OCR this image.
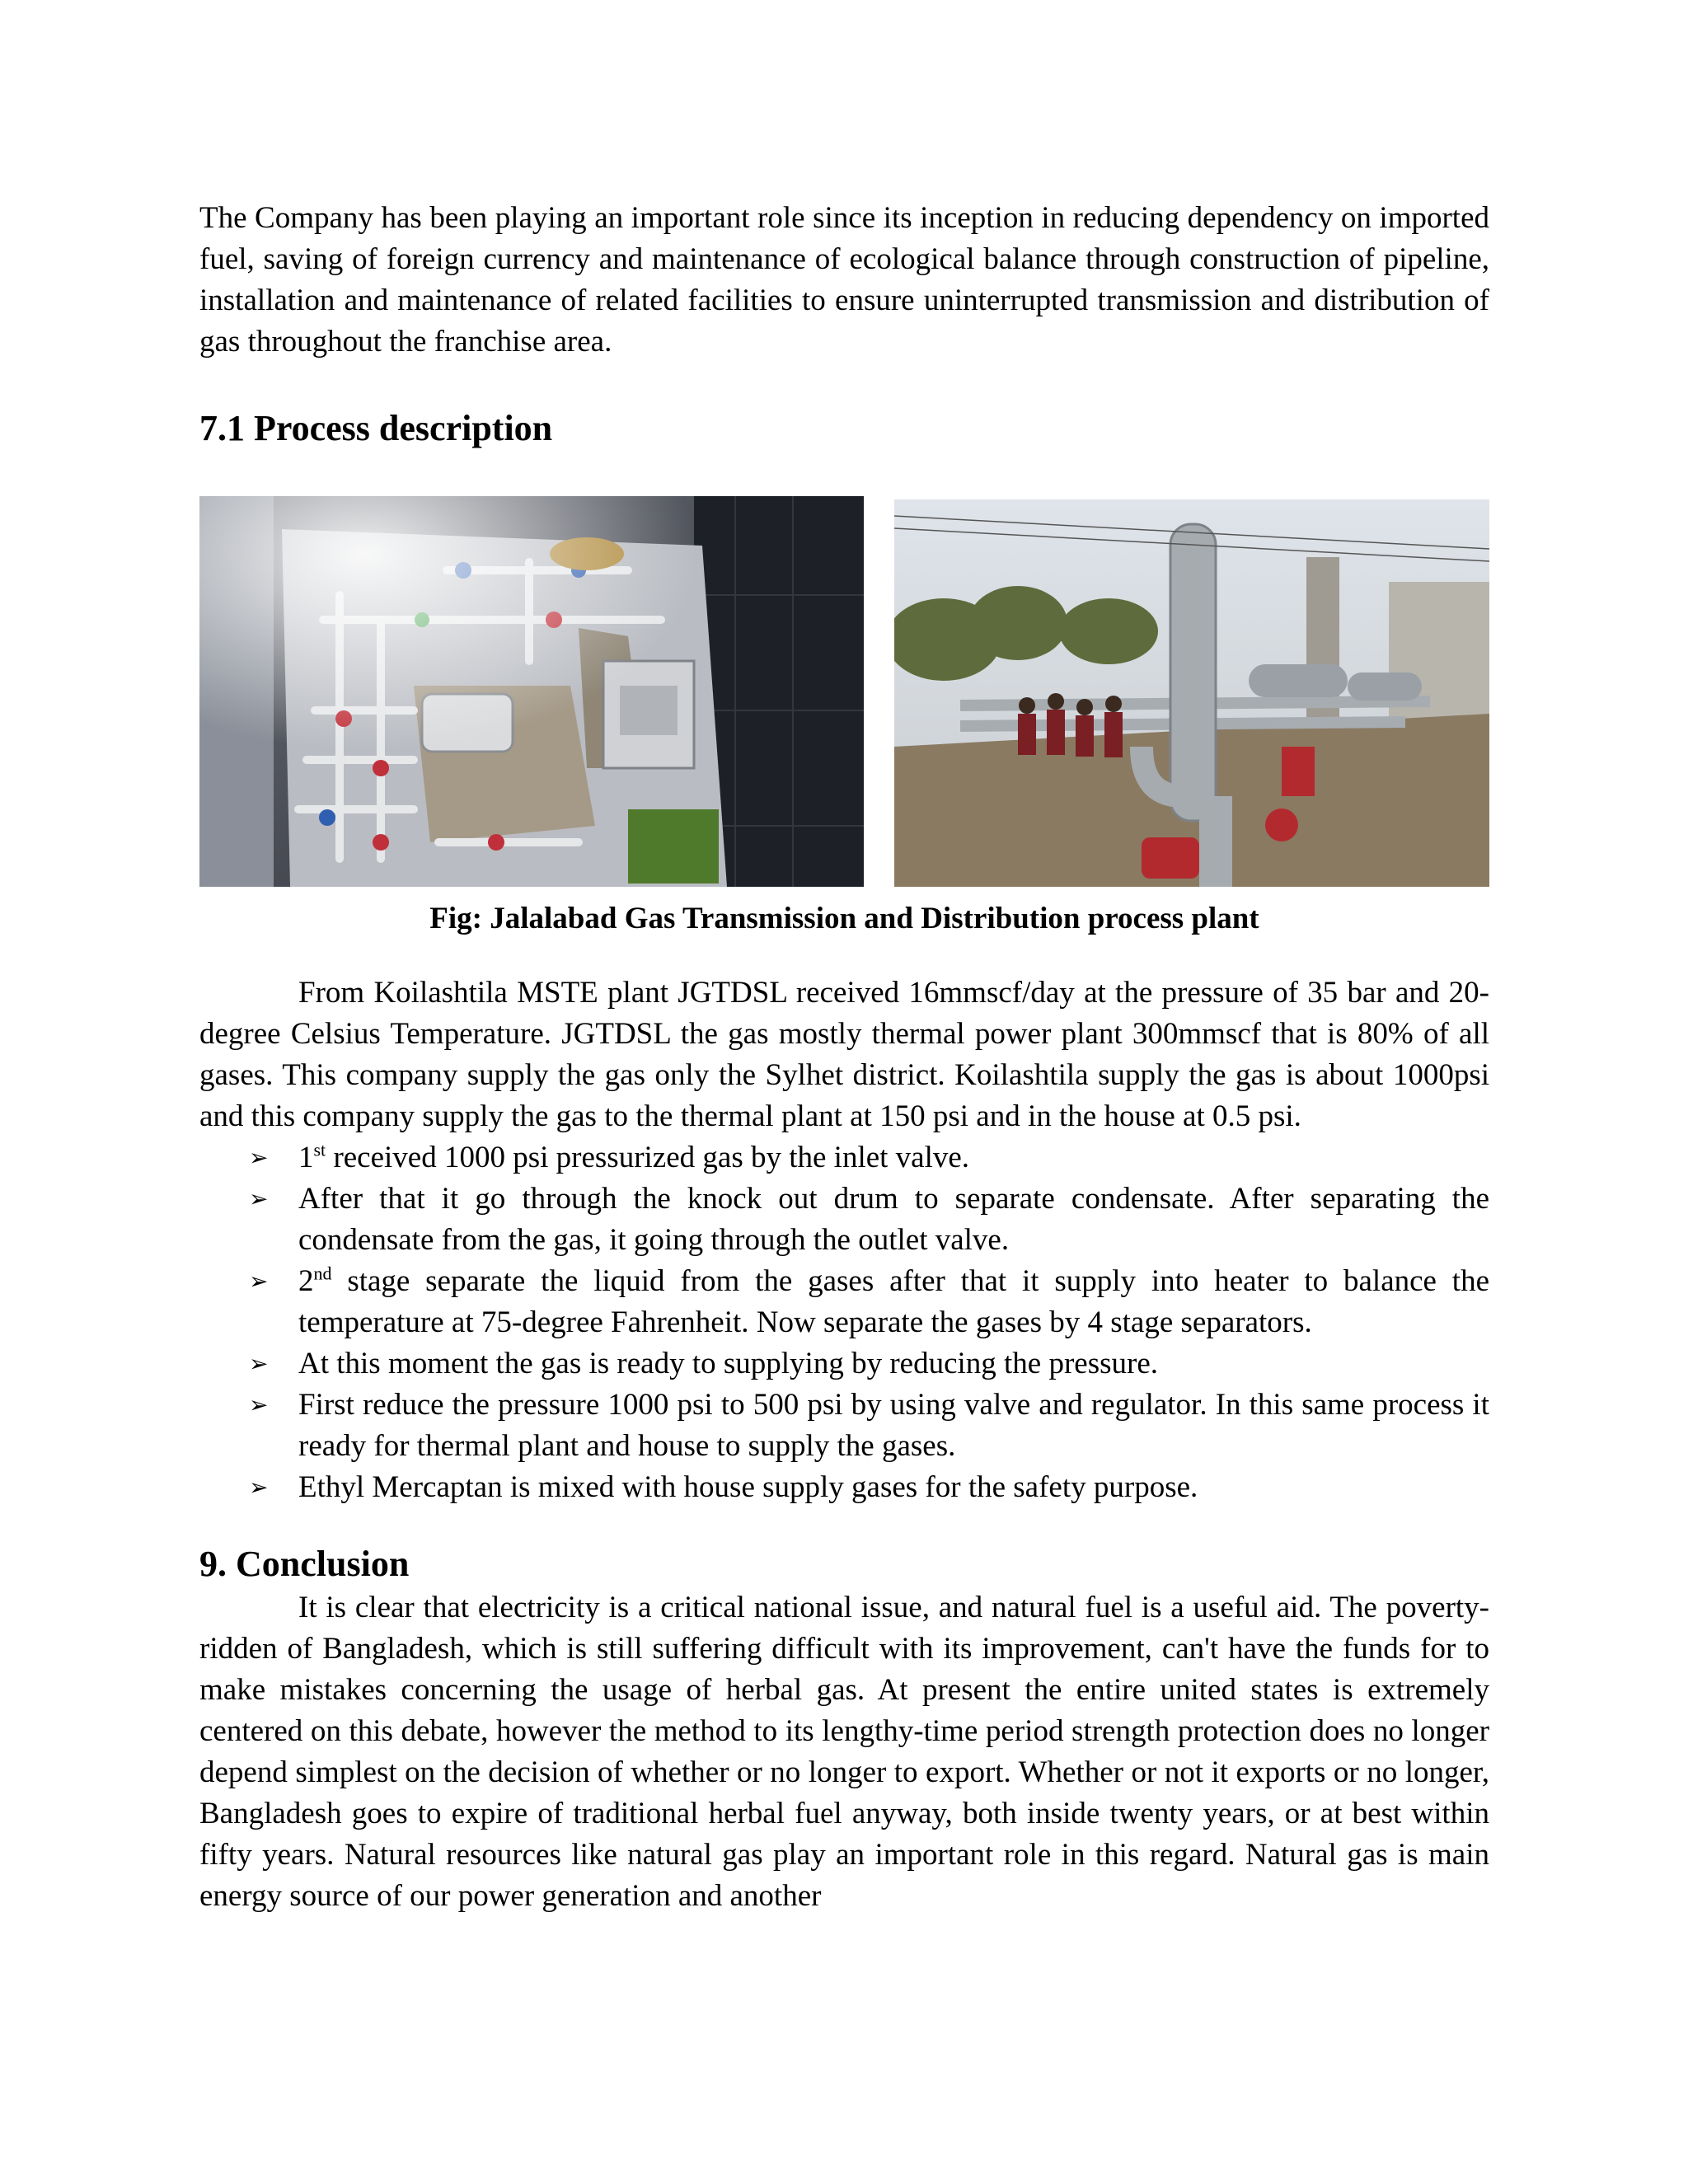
The Company has been playing an important role since its inception in reducing dependency on imported fuel, saving of foreign currency and maintenance of ecological balance through construction of pipeline, installation and maintenance of related facilities to ensure uninterrupted transmission and distribution of gas throughout the franchise area.

7.1 Process description
Fig: Jalalabad Gas Transmission and Distribution process plant

From Koilashtila MSTE plant JGTDSL received 16mmscf/day at the pressure of 35 bar and 20-degree Celsius Temperature. JGTDSL the gas mostly thermal power plant 300mmscf that is 80% of all gases. This company supply the gas only the Sylhet district. Koilashtila supply the gas is about 1000psi and this company supply the gas to the thermal plant at 150 psi and in the house at 0.5 psi.

➢ 1st received 1000 psi pressurized gas by the inlet valve.
➢ After that it go through the knock out drum to separate condensate. After separating the condensate from the gas, it going through the outlet valve.
➢ 2nd stage separate the liquid from the gases after that it supply into heater to balance the temperature at 75-degree Fahrenheit. Now separate the gases by 4 stage separators.
➢ At this moment the gas is ready to supplying by reducing the pressure.
➢ First reduce the pressure 1000 psi to 500 psi by using valve and regulator. In this same process it ready for thermal plant and house to supply the gases.
➢ Ethyl Mercaptan is mixed with house supply gases for the safety purpose.
9. Conclusion

It is clear that electricity is a critical national issue, and natural fuel is a useful aid. The poverty-ridden of Bangladesh, which is still suffering difficult with its improvement, can't have the funds for to make mistakes concerning the usage of herbal gas. At present the entire united states is extremely centered on this debate, however the method to its lengthy-time period strength protection does no longer depend simplest on the decision of whether or no longer to export. Whether or not it exports or no longer, Bangladesh goes to expire of traditional herbal fuel anyway, both inside twenty years, or at best within fifty years. Natural resources like natural gas play an important role in this regard. Natural gas is main energy source of our power generation and another
